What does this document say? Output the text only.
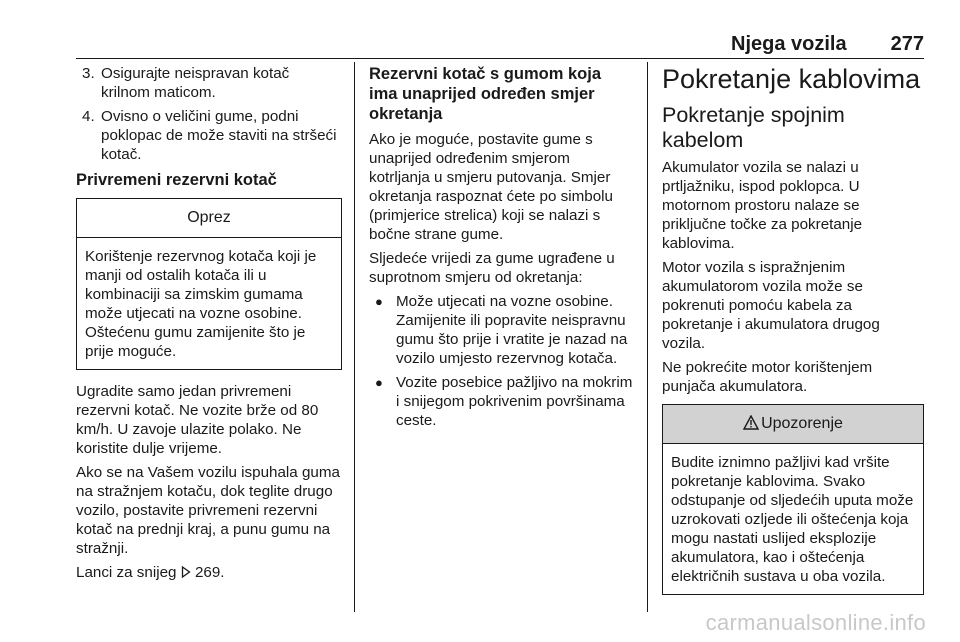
Njega vozila 277
3. Osigurajte neispravan kotač krilnom maticom.
4. Ovisno o veličini gume, podni poklopac de može staviti na stršeći kotač.
Privremeni rezervni kotač
Oprez
Korištenje rezervnog kotača koji je manji od ostalih kotača ili u kombinaciji sa zimskim gumama može utjecati na vozne osobine. Oštećenu gumu zamijenite što je prije moguće.

Ugradite samo jedan privremeni rezervni kotač. Ne vozite brže od 80 km/h. U zavoje ulazite polako. Ne koristite dulje vrijeme.

Ako se na Vašem vozilu ispuhala guma na stražnjem kotaču, dok teglite drugo vozilo, postavite privremeni rezervni kotač na prednji kraj, a punu gumu na stražnji.

Lanci za snijeg 269.

Rezervni kotač s gumom koja ima unaprijed određen smjer okretanja

Ako je moguće, postavite gume s unaprijed određenim smjerom kotrljanja u smjeru putovanja. Smjer okretanja raspoznat ćete po simbolu (primjerice strelica) koji se nalazi s bočne strane gume.

Sljedeće vrijedi za gume ugrađene u suprotnom smjeru od okretanja:

● Može utjecati na vozne osobine. Zamijenite ili popravite neispravnu gumu što prije i vratite je nazad na vozilo umjesto rezervnog kotača.
● Vozite posebice pažljivo na mokrim i snijegom pokrivenim površinama ceste.
Pokretanje kablovima
Pokretanje spojnim kabelom

Akumulator vozila se nalazi u prtljažniku, ispod poklopca. U motornom prostoru nalaze se priključne točke za pokretanje kablovima.

Motor vozila s ispražnjenim akumulatorom vozila može se pokrenuti pomoću kabela za pokretanje i akumulatora drugog vozila.

Ne pokrećite motor korištenjem punjača akumulatora.

Upozorenje
Budite iznimno pažljivi kad vršite pokretanje kablovima. Svako odstupanje od sljedećih uputa može uzrokovati ozljede ili oštećenja koja mogu nastati uslijed eksplozije akumulatora, kao i oštećenja električnih sustava u oba vozila.
carmanualsonline.info
